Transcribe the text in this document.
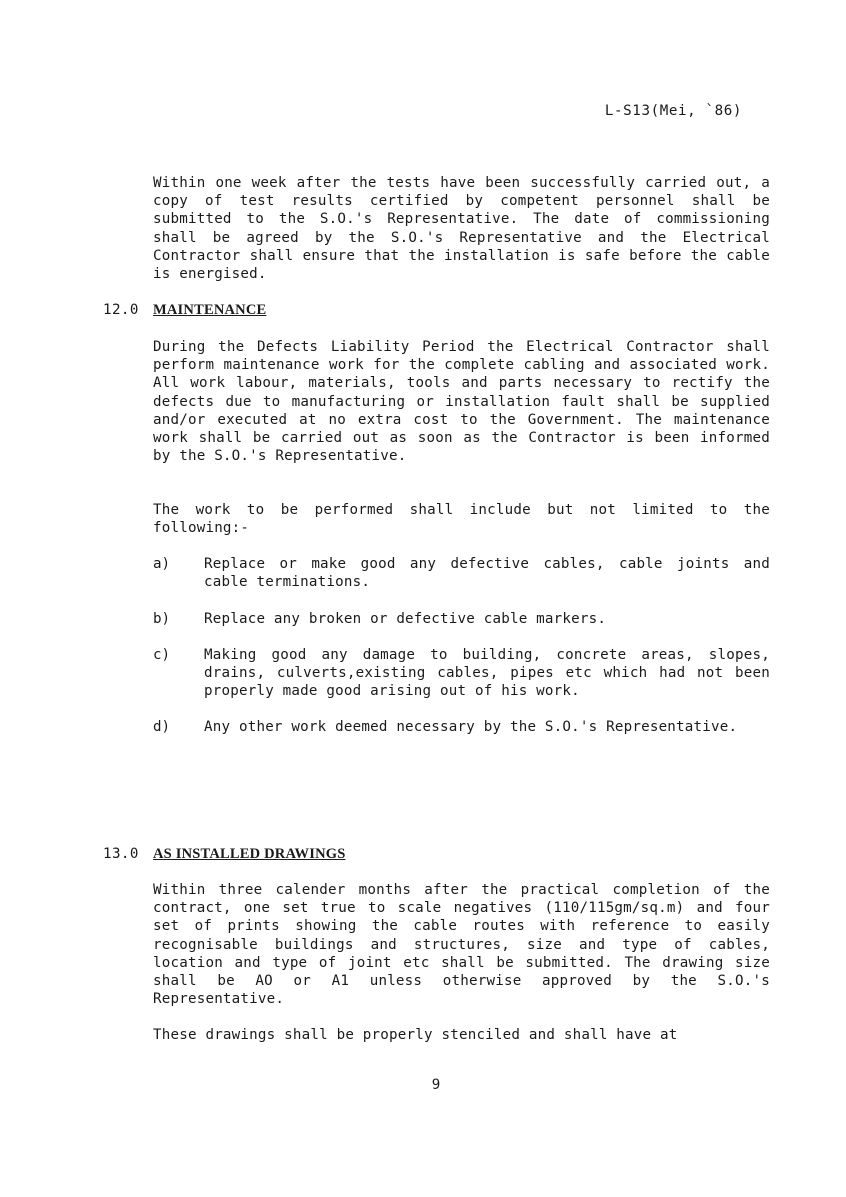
L-S13(Mei, `86)
Within one week after the tests have been successfully carried out, a copy of test results certified by competent personnel shall be submitted to the S.O.'s Representative. The date of commissioning shall be agreed by the S.O.'s Representative and the Electrical Contractor shall ensure that the installation is safe before the cable is energised.
12.0 MAINTENANCE
During the Defects Liability Period the Electrical Contractor shall perform maintenance work for the complete cabling and associated work. All work labour, materials, tools and parts necessary to rectify the defects due to manufacturing or installation fault shall be supplied and/or executed at no extra cost to the Government. The maintenance work shall be carried out as soon as the Contractor is been informed by the S.O.'s Representative.
The work to be performed shall include but not limited to the following:-
a)	Replace or make good any defective cables, cable joints and cable terminations.
b)	Replace any broken or defective cable markers.
c)	Making good any damage to building, concrete areas, slopes, drains, culverts,existing cables, pipes etc which had not been properly made good arising out of his work.
d)	Any other work deemed necessary by the S.O.'s Representative.
13.0 AS INSTALLED DRAWINGS
Within three calender months after the practical completion of the contract, one set true to scale negatives (110/115gm/sq.m) and four set of prints showing the cable routes with reference to easily recognisable buildings and structures, size and type of cables, location and type of joint etc shall be submitted. The drawing size shall be AO or A1 unless otherwise approved by the S.O.'s Representative.
These drawings shall be properly stenciled and shall have at
9
